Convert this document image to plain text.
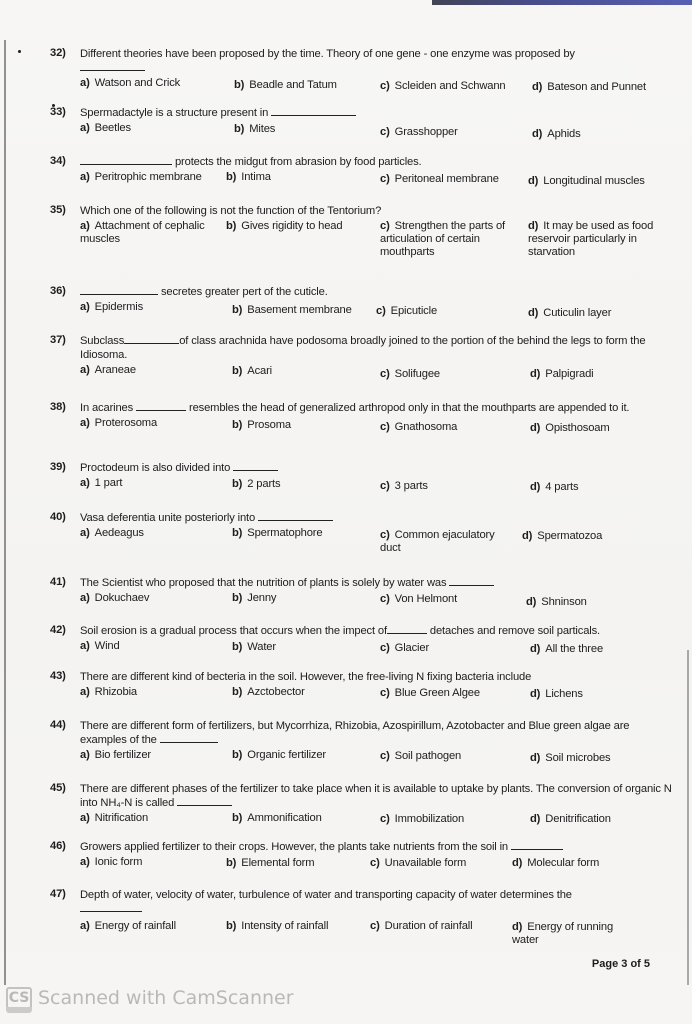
32)	Different theories have been proposed by the time. Theory of one gene - one enzyme was proposed by

a) Watson and Crick	b) Beadle and Tatum	c) Scleiden and Schwann d) Bateson and Punnet
33)	Spermadactyle is a structure present in
a) Beetles	b) Mites	c) Grasshopper	d) Aphids
34)	protects the midgut from abrasion by food particles.
a) Peritrophic membrane b) Intima	c) Peritoneal membrane	d) Longitudinal muscles
35)	Which one of the following is not the function of the Tentorium?
a) Attachment of cephalic muscles
b) Gives rigidity to head	c) Strengthen the parts of articulation of certain mouthparts
d) It may be used as food reservoir particularly in starvation
36)	secretes greater pert of the cuticle.
a) Epidermis	b) Basement membrane c) Epicuticle	d) Cuticulin layer
37)	Subclass	of class arachnida have podosoma broadly joined to the portion of the behind the legs to form the Idiosoma.
a) Araneae	b) Acari	c) Solifugee	d) Palpigradi
38)	In acarines	resembles the head of generalized arthropod only in that the mouthparts are appended to it.
a) Proterosoma	b) Prosoma	c) Gnathosoma	d) Opisthosoam
39)	Proctodeum is also divided into
a) 1 part	b) 2 parts	c) 3 parts	d) 4 parts
40)	Vasa deferentia unite posteriorly into
a) Aedeagus	b) Spermatophore	c) Common ejaculatory duct
d) Spermatozoa
41)	The Scientist who proposed that the nutrition of plants is solely by water was
a) Dokuchaev	b) Jenny	c) Von Helmont	d) Shninson
42)	Soil erosion is a gradual process that occurs when the impect of	detaches and remove soil particals.
a) Wind	b) Water	c) Glacier	d) All the three
43)	There are different kind of becteria in the soil. However, the free-living N fixing bacteria include
a) Rhizobia	b) Azctobector	c) Blue Green Algee	d) Lichens
44)	There are different form of fertilizers, but Mycorrhiza, Rhizobia, Azospirillum, Azotobacter and Blue green algae are examples of the
a) Bio fertilizer	b) Organic fertilizer	c) Soil pathogen	d) Soil microbes
45)	There are different phases of the fertilizer to take place when it is available to uptake by plants. The conversion of organic N into NH₄-N is called
a) Nitrification	b) Ammonification	c) Immobilization	d) Denitrification
46)	Growers applied fertilizer to their crops. However, the plants take nutrients from the soil in
a) Ionic form	b) Elemental form	c) Unavailable form	d) Molecular form
47)	Depth of water, velocity of water, turbulence of water and transporting capacity of water determines the

a) Energy of rainfall	b) Intensity of rainfall	c) Duration of rainfall	d) Energy of running water
Page 3 of 5
CS Scanned with CamScanner
